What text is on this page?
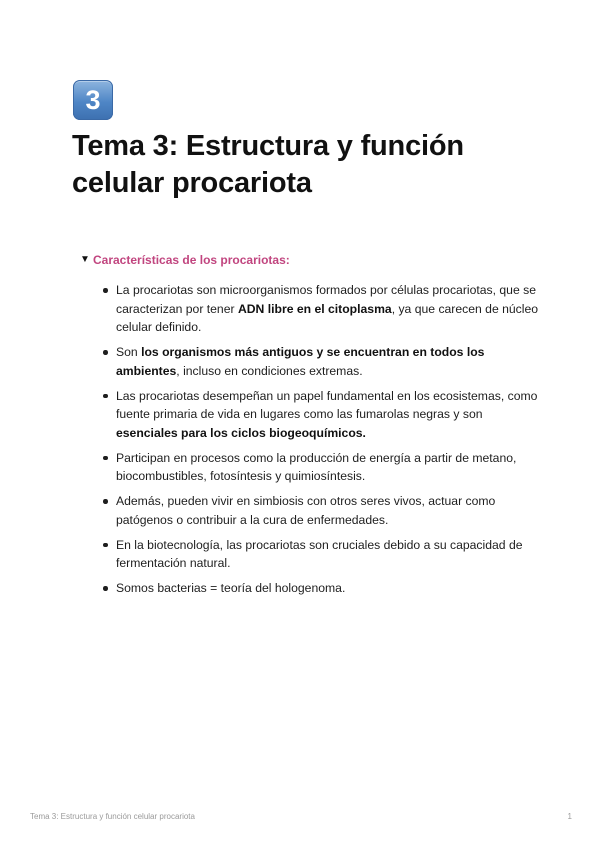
3
Tema 3: Estructura y función celular procariota
▼ Características de los procariotas:
La procariotas son microorganismos formados por células procariotas, que se caracterizan por tener ADN libre en el citoplasma, ya que carecen de núcleo celular definido.
Son los organismos más antiguos y se encuentran en todos los ambientes, incluso en condiciones extremas.
Las procariotas desempeñan un papel fundamental en los ecosistemas, como fuente primaria de vida en lugares como las fumarolas negras y son esenciales para los ciclos biogeoquímicos.
Participan en procesos como la producción de energía a partir de metano, biocombustibles, fotosíntesis y quimiosíntesis.
Además, pueden vivir en simbiosis con otros seres vivos, actuar como patógenos o contribuir a la cura de enfermedades.
En la biotecnología, las procariotas son cruciales debido a su capacidad de fermentación natural.
Somos bacterias = teoría del hologenoma.
Tema 3: Estructura y función celular procariota	1
